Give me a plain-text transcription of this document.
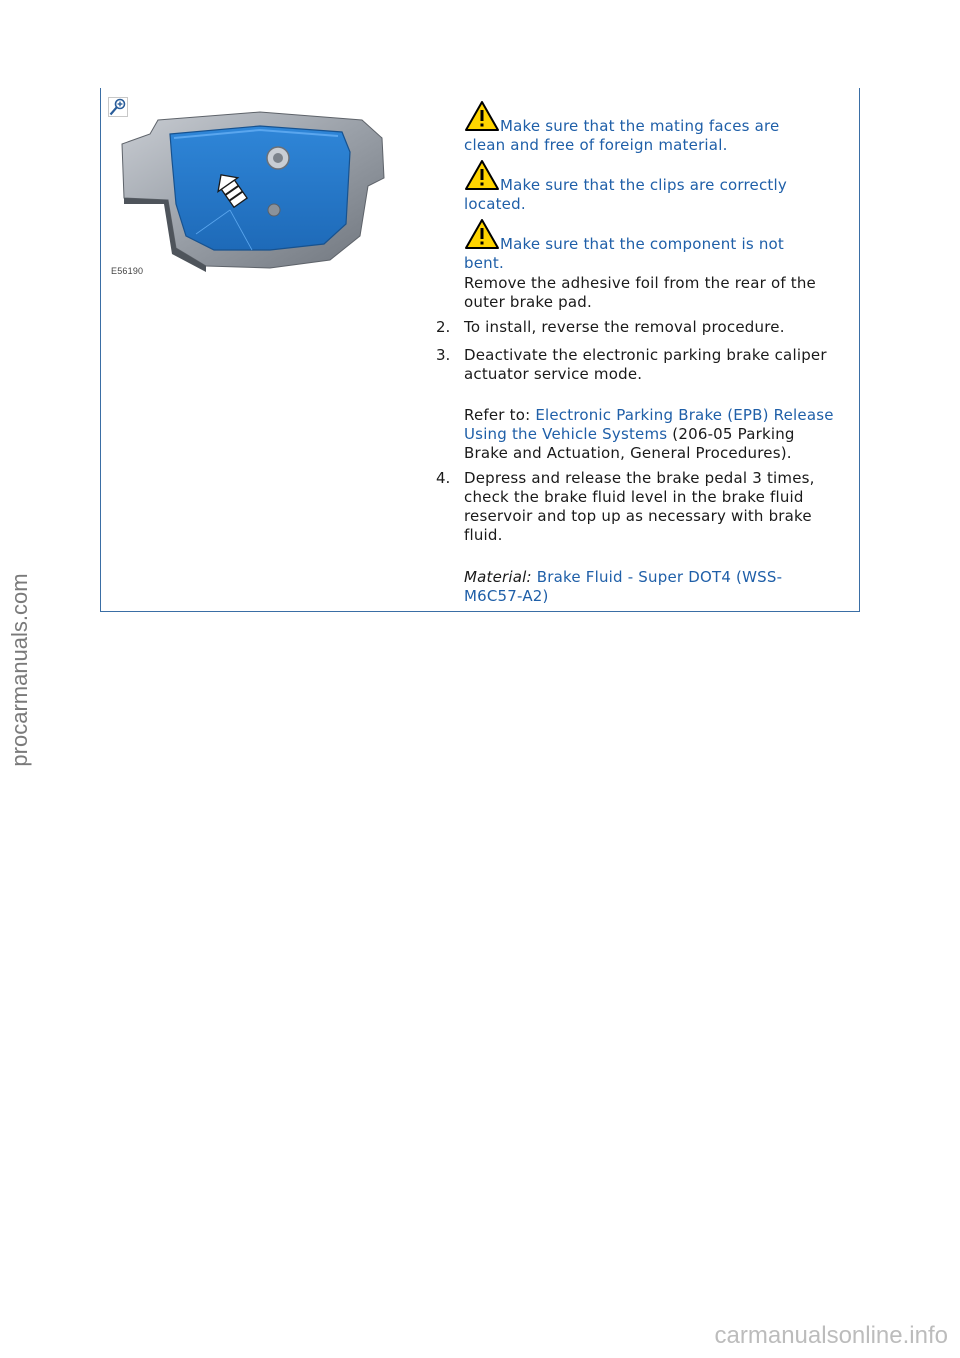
E56190
Make sure that the mating faces are
clean and free of foreign material.
Make sure that the clips are correctly
located.
Make sure that the component is not
bent.
Remove the adhesive foil from the rear of the
outer brake pad.
2. To install, reverse the removal procedure.
3. Deactivate the electronic parking brake caliper
actuator service mode.
Refer to: Electronic Parking Brake (EPB) Release
Using the Vehicle Systems (206-05 Parking
Brake and Actuation, General Procedures).
4. Depress and release the brake pedal 3 times,
check the brake fluid level in the brake fluid
reservoir and top up as necessary with brake
fluid.
Material: Brake Fluid - Super DOT4 (WSS-
M6C57-A2)
procarmanuals.com
carmanualsonline.info
